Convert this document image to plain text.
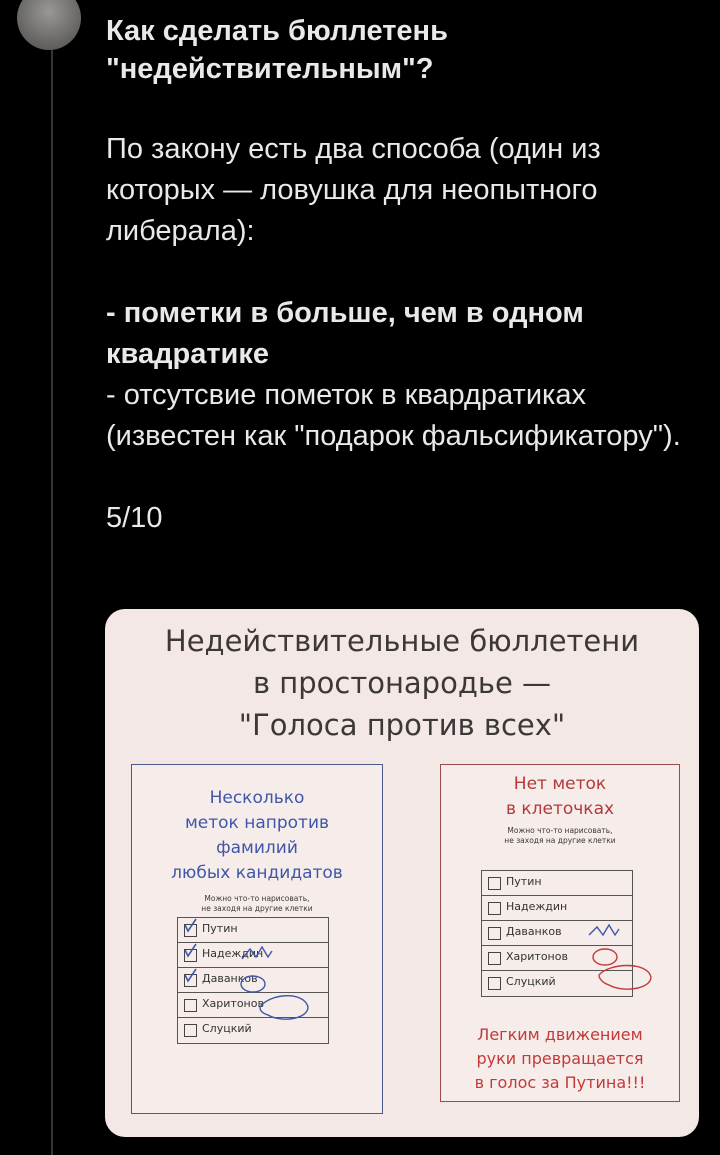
Как сделать бюллетень "недействительным"?

По закону есть два способа (один из которых — ловушка для неопытного либерала):

- пометки в больше, чем в одном квадратике

- отсутсвие пометок в квардратиках (известен как "подарок фальсификатору").

5/10

Недействительные бюллетени
в простонародье —
"Голоса против всех"
Несколько
меток напротив
фамилий
любых кандидатов
Можно что-то нарисовать,
не заходя на другие клетки
Путин
Надеждин
Даванков
Харитонов
Слуцкий
Нет меток
в клеточках
Можно что-то нарисовать,
не заходя на другие клетки
Путин
Надеждин
Даванков
Харитонов
Слуцкий
Легким движением
руки превращается
в голос за Путина!!!
